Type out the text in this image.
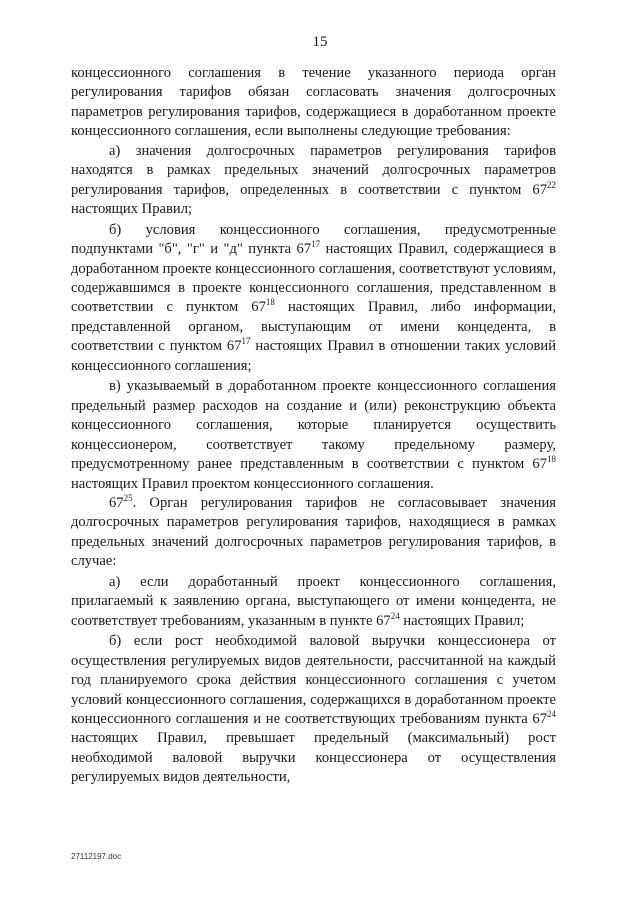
15

концессионного соглашения в течение указанного периода орган регулирования тарифов обязан согласовать значения долгосрочных параметров регулирования тарифов, содержащиеся в доработанном проекте концессионного соглашения, если выполнены следующие требования:

а) значения долгосрочных параметров регулирования тарифов находятся в рамках предельных значений долгосрочных параметров регулирования тарифов, определенных в соответствии с пунктом $67^{22}$ настоящих Правил;

б) условия концессионного соглашения, предусмотренные подпунктами "б", "г" и "д" пункта $67^{17}$ настоящих Правил, содержащиеся в доработанном проекте концессионного соглашения, соответствуют условиям, содержавшимся в проекте концессионного соглашения, представленном в соответствии с пунктом $67^{18}$ настоящих Правил, либо информации, представленной органом, выступающим от имени концедента, в соответствии с пунктом $67^{17}$ настоящих Правил в отношении таких условий концессионного соглашения;

в) указываемый в доработанном проекте концессионного соглашения предельный размер расходов на создание и (или) реконструкцию объекта концессионного соглашения, которые планируется осуществить концессионером, соответствует такому предельному размеру, предусмотренному ранее представленным в соответствии с пунктом $67^{18}$ настоящих Правил проектом концессионного соглашения.

$67^{25}$. Орган регулирования тарифов не согласовывает значения долгосрочных параметров регулирования тарифов, находящиеся в рамках предельных значений долгосрочных параметров регулирования тарифов, в случае:

а) если доработанный проект концессионного соглашения, прилагаемый к заявлению органа, выступающего от имени концедента, не соответствует требованиям, указанным в пункте $67^{24}$ настоящих Правил;

б) если рост необходимой валовой выручки концессионера от осуществления регулируемых видов деятельности, рассчитанной на каждый год планируемого срока действия концессионного соглашения с учетом условий концессионного соглашения, содержащихся в доработанном проекте концессионного соглашения и не соответствующих требованиям пункта $67^{24}$ настоящих Правил, превышает предельный (максимальный) рост необходимой валовой выручки концессионера от осуществления регулируемых видов деятельности,

27112197.doc
